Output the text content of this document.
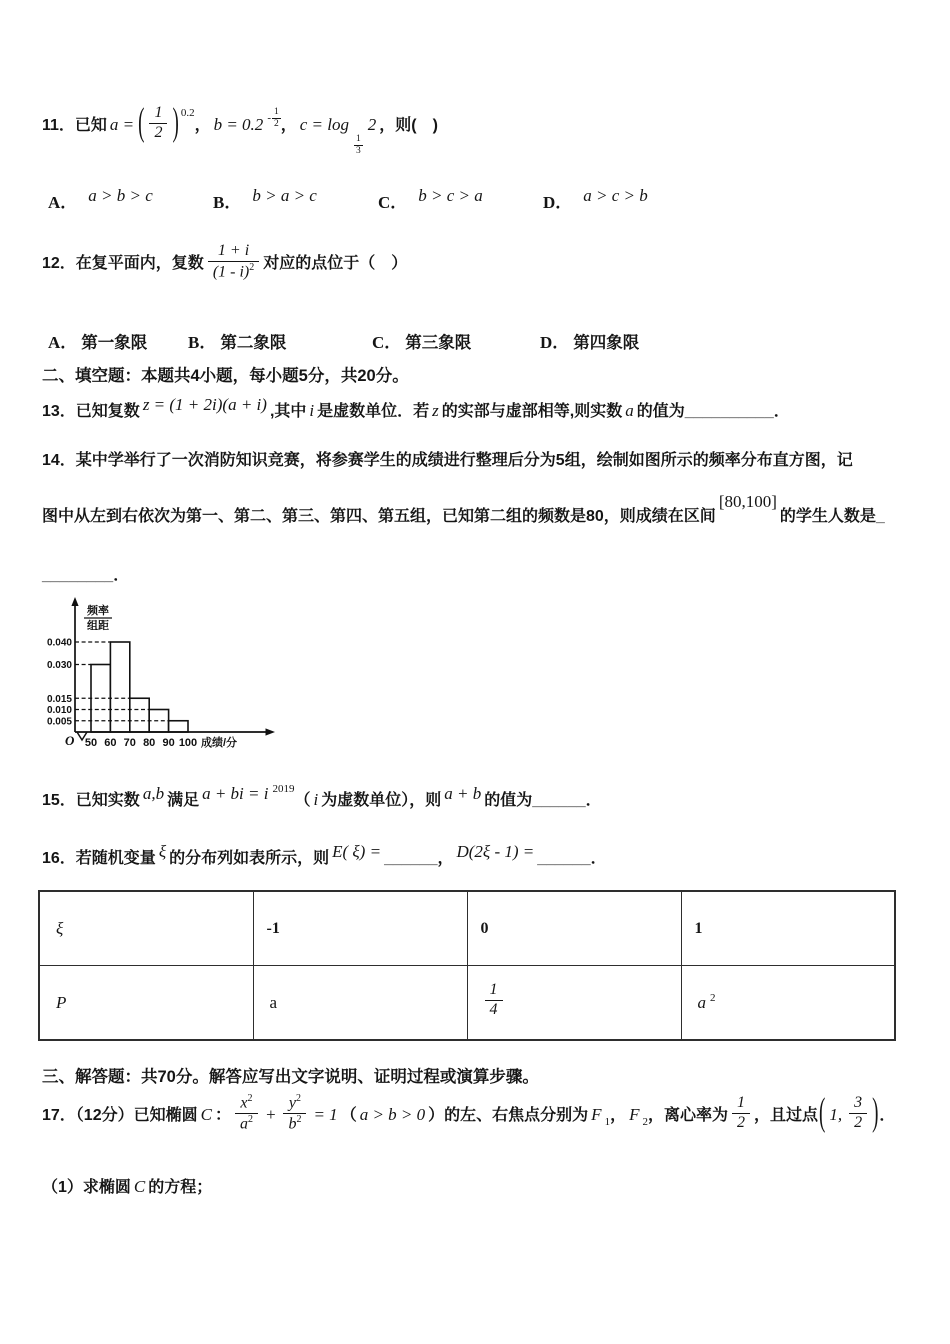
11．已知 a = ( $\frac{1}{2}$ ) $^{0.2}$， b = 0.2 -
1
2 ， c = log
1
3
2 ，则(　)
A． a > b > c	B． b > a > c	C． b > c > a	D． a > c > b
12．在复平面内，复数 $\frac{1 + i}{(1 - i)^2}$ 对应的点位于（　）
A． 第一象限 B． 第二象限	C． 第三象限	D． 第四象限
二、填空题：本题共4小题，每小题5分，共20分。
13．已知复数 z = (1 + 2i)(a + i) ,其中 i 是虚数单位．若 z 的实部与虚部相等,则实数 a 的值为__________．
14．某中学举行了一次消防知识竞赛，将参赛学生的成绩进行整理后分为5组，绘制如图所示的频率分布直方图，记
图中从左到右依次为第一、第二、第三、第四、第五组，已知第二组的频数是80，则成绩在区间[80,100]的学生人数是_
________．
0.005
0.010
0.015
0.030
0.040
50 60 70 80 90 100
O
频率
组距
成绩/分
15．已知实数 a,b 满足 a + bi = i $^{2019}$（ i 为虚数单位），则 a + b 的值为______．
16．若随机变量 ξ 的分布列如表所示，则 E( ξ) = ______， D(2ξ - 1) = ______．
ξ	-1	0	1
P	a	$\frac{1}{4}$	a $^2$
三、解答题：共70分。解答应写出文字说明、证明过程或演算步骤。
17．（12分）已知椭圆 C ： $\frac{x^2}{a^2} + \frac{y^2}{b^2} = 1$ （ a > b > 0 ）的左、右焦点分别为 F $_1$， F $_2$，离心率为 $\frac{1}{2}$ ，且过点( 1, $\frac{3}{2}$ )．
（1）求椭圆 C 的方程；
